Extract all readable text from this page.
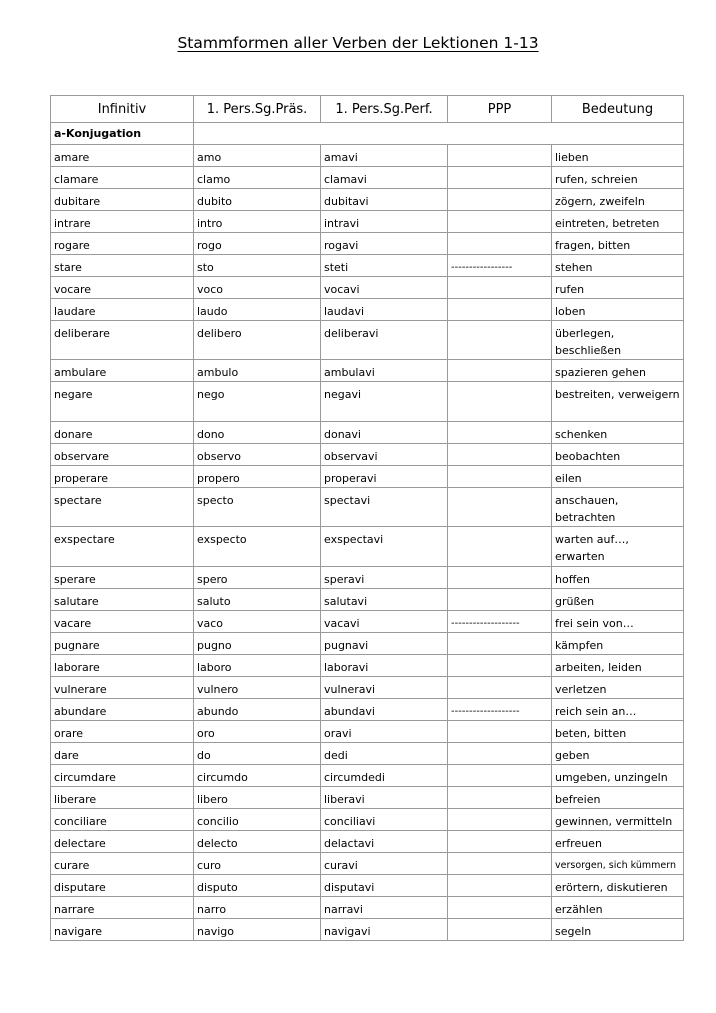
Stammformen aller Verben der Lektionen 1-13
Infinitiv	1. Pers.Sg.Präs.	1. Pers.Sg.Perf.	PPP	Bedeutung
a-Konjugation				
amare	amo	amavi		lieben
clamare	clamo	clamavi		rufen, schreien
dubitare	dubito	dubitavi		zögern, zweifeln
intrare	intro	intravi		eintreten, betreten
rogare	rogo	rogavi		fragen, bitten
stare	sto	steti	-----------------	stehen
vocare	voco	vocavi		rufen
laudare	laudo	laudavi		loben
deliberare	delibero	deliberavi		überlegen, beschließen
ambulare	ambulo	ambulavi		spazieren gehen
negare	nego	negavi		bestreiten, verweigern
donare	dono	donavi		schenken
observare	observo	observavi		beobachten
properare	propero	properavi		eilen
spectare	specto	spectavi		anschauen, betrachten
exspectare	exspecto	exspectavi		warten auf…, erwarten
sperare	spero	speravi		hoffen
salutare	saluto	salutavi		grüßen
vacare	vaco	vacavi	-------------------	frei sein von…
pugnare	pugno	pugnavi		kämpfen
laborare	laboro	laboravi		arbeiten, leiden
vulnerare	vulnero	vulneravi		verletzen
abundare	abundo	abundavi	-------------------	reich sein an…
orare	oro	oravi		beten, bitten
dare	do	dedi		geben
circumdare	circumdo	circumdedi		umgeben, unzingeln
liberare	libero	liberavi		befreien
conciliare	concilio	conciliavi		gewinnen, vermitteln
delectare	delecto	delactavi		erfreuen
curare	curo	curavi		versorgen, sich kümmern
disputare	disputo	disputavi		erörtern, diskutieren
narrare	narro	narravi		erzählen
navigare	navigo	navigavi		segeln
